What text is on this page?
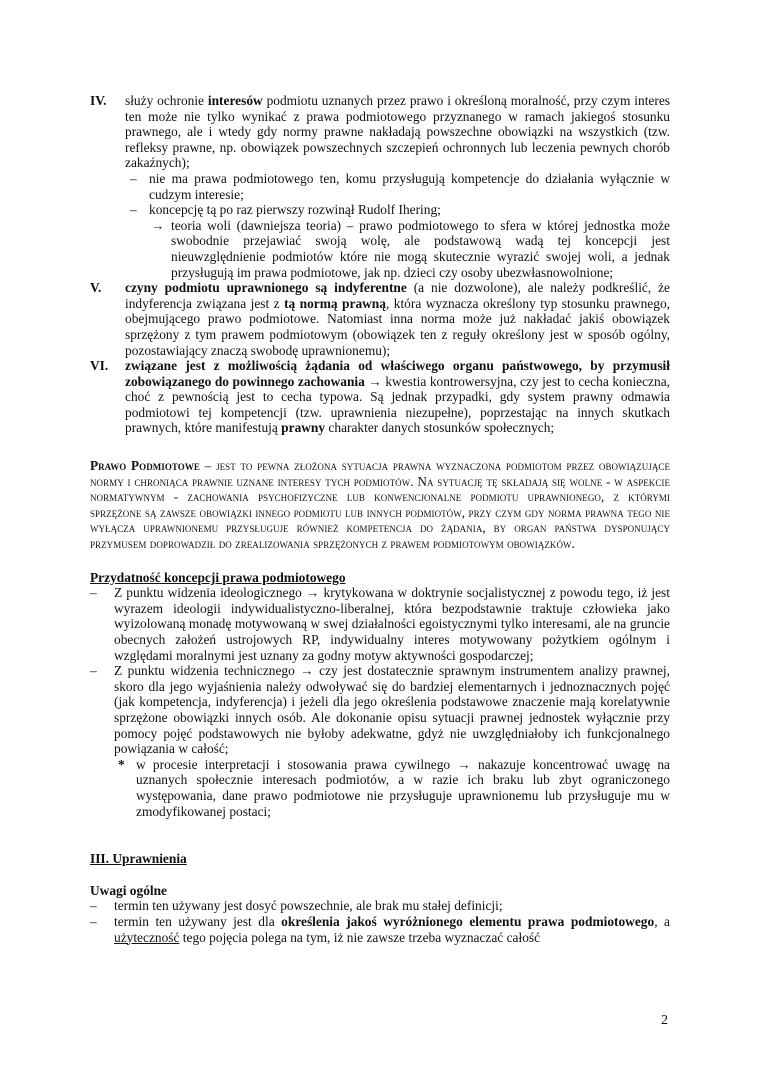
IV. służy ochronie interesów podmiotu uznanych przez prawo i określoną moralność, przy czym interes ten może nie tylko wynikać z prawa podmiotowego przyznanego w ramach jakiegoś stosunku prawnego, ale i wtedy gdy normy prawne nakładają powszechne obowiązki na wszystkich (tzw. refleksy prawne, np. obowiązek powszechnych szczepień ochronnych lub leczenia pewnych chorób zakaźnych);
– nie ma prawa podmiotowego ten, komu przysługują kompetencje do działania wyłącznie w cudzym interesie;
– koncepcję tą po raz pierwszy rozwinął Rudolf Ihering;
→ teoria woli (dawniejsza teoria) – prawo podmiotowego to sfera w której jednostka może swobodnie przejawiać swoją wolę, ale podstawową wadą tej koncepcji jest nieuwzględnienie podmiotów które nie mogą skutecznie wyrazić swojej woli, a jednak przysługują im prawa podmiotowe, jak np. dzieci czy osoby ubezwłasnowolnione;
V. czyny podmiotu uprawnionego są indyferentne (a nie dozwolone), ale należy podkreślić, że indyferencja związana jest z tą normą prawną, która wyznacza określony typ stosunku prawnego, obejmującego prawo podmiotowe. Natomiast inna norma może już nakładać jakiś obowiązek sprzężony z tym prawem podmiotowym (obowiązek ten z reguły określony jest w sposób ogólny, pozostawiający znaczą swobodę uprawnionemu);
VI. związane jest z możliwością żądania od właściwego organu państwowego, by przymusił zobowiązanego do powinnego zachowania → kwestia kontrowersyjna, czy jest to cecha konieczna, choć z pewnością jest to cecha typowa. Są jednak przypadki, gdy system prawny odmawia podmiotowi tej kompetencji (tzw. uprawnienia niezupełne), poprzestając na innych skutkach prawnych, które manifestują prawny charakter danych stosunków społecznych;
Prawo Podmiotowe – jest to pewna złożona sytuacja prawna wyznaczona podmiotom przez obowiązujące normy i chroniąca prawnie uznane interesy tych podmiotów. Na sytuację tę składają się wolne - w aspekcie normatywnym - zachowania psychofizyczne lub konwencjonalne podmiotu uprawnionego, z którymi sprzężone są zawsze obowiązki innego podmiotu lub innych podmiotów, przy czym gdy norma prawna tego nie wyłącza uprawnionemu przysługuje również kompetencja do żądania, by organ państwa dysponujący przymusem doprowadził do zrealizowania sprzężonych z prawem podmiotowym obowiązków.
Przydatność koncepcji prawa podmiotowego
– Z punktu widzenia ideologicznego → krytykowana w doktrynie socjalistycznej z powodu tego, iż jest wyrazem ideologii indywidualistyczno-liberalnej, która bezpodstawnie traktuje człowieka jako wyizolowaną monadę motywowaną w swej działalności egoistycznymi tylko interesami, ale na gruncie obecnych założeń ustrojowych RP, indywidualny interes motywowany pożytkiem ogólnym i względami moralnymi jest uznany za godny motyw aktywności gospodarczej;
– Z punktu widzenia technicznego → czy jest dostatecznie sprawnym instrumentem analizy prawnej, skoro dla jego wyjaśnienia należy odwoływać się do bardziej elementarnych i jednoznacznych pojęć (jak kompetencja, indyferencja) i jeżeli dla jego określenia podstawowe znaczenie mają korelatywnie sprzężone obowiązki innych osób. Ale dokonanie opisu sytuacji prawnej jednostek wyłącznie przy pomocy pojęć podstawowych nie byłoby adekwatne, gdyż nie uwzględniałoby ich funkcjonalnego powiązania w całość;
* w procesie interpretacji i stosowania prawa cywilnego → nakazuje koncentrować uwagę na uznanych społecznie interesach podmiotów, a w razie ich braku lub zbyt ograniczonego występowania, dane prawo podmiotowe nie przysługuje uprawnionemu lub przysługuje mu w zmodyfikowanej postaci;
III. Uprawnienia
Uwagi ogólne
– termin ten używany jest dosyć powszechnie, ale brak mu stałej definicji;
– termin ten używany jest dla określenia jakoś wyróżnionego elementu prawa podmiotowego, a użyteczność tego pojęcia polega na tym, iż nie zawsze trzeba wyznaczać całość
2
